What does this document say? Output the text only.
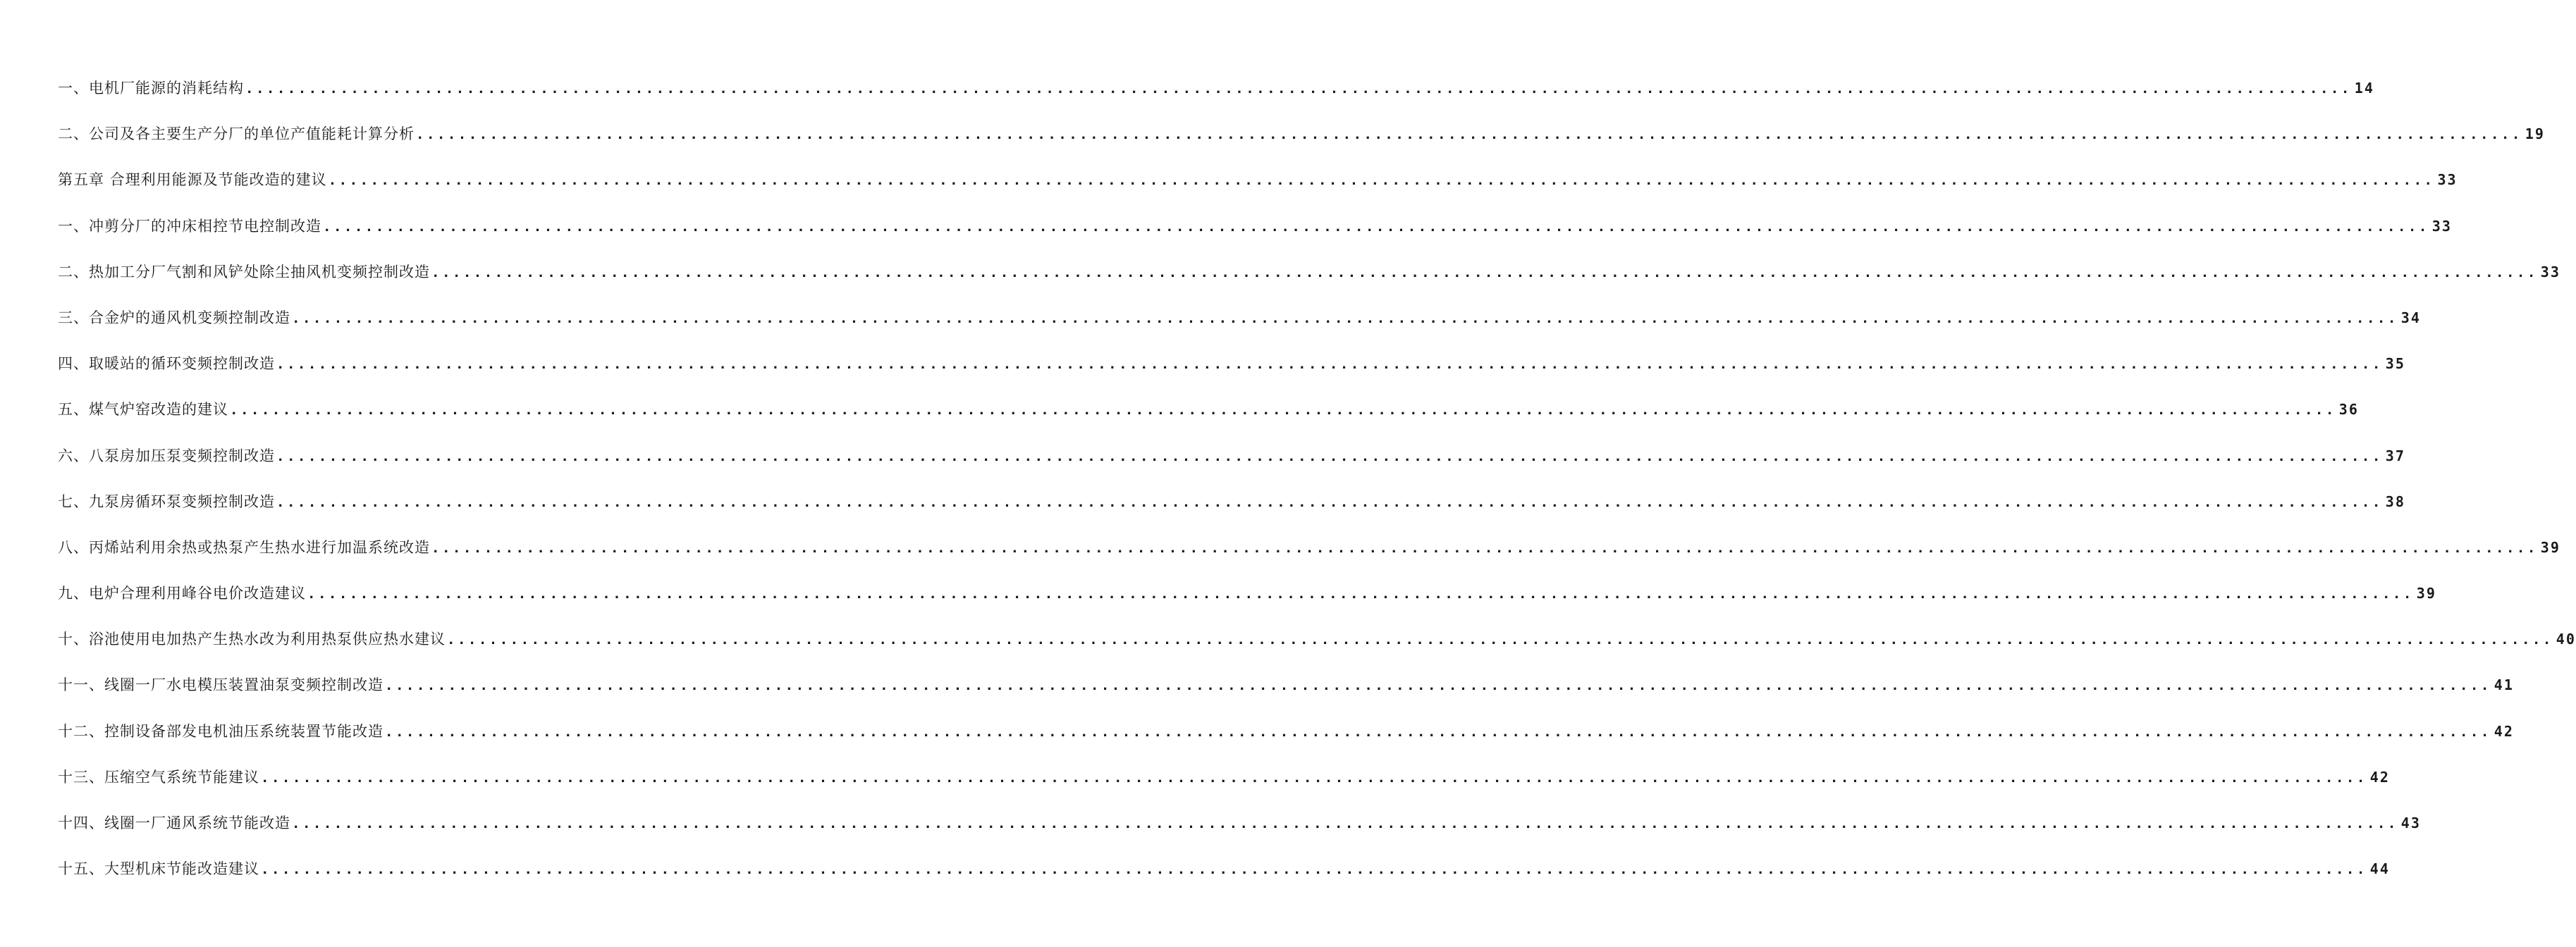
一、电机厂能源的消耗结构 ........................................................................................................................................................................................................ 14
二、公司及各主要生产分厂的单位产值能耗计算分析 ........................................................................................................................................................................................................ 19
第五章 合理利用能源及节能改造的建议 ........................................................................................................................................................................................................ 33
一、冲剪分厂的冲床相控节电控制改造 ........................................................................................................................................................................................................ 33
二、热加工分厂气割和风铲处除尘抽风机变频控制改造 ........................................................................................................................................................................................................ 33
三、合金炉的通风机变频控制改造 ........................................................................................................................................................................................................ 34
四、取暖站的循环变频控制改造 ........................................................................................................................................................................................................ 35
五、煤气炉窑改造的建议 ........................................................................................................................................................................................................ 36
六、八泵房加压泵变频控制改造 ........................................................................................................................................................................................................ 37
七、九泵房循环泵变频控制改造 ........................................................................................................................................................................................................ 38
八、丙烯站利用余热或热泵产生热水进行加温系统改造 ........................................................................................................................................................................................................ 39
九、电炉合理利用峰谷电价改造建议 ........................................................................................................................................................................................................ 39
十、浴池使用电加热产生热水改为利用热泵供应热水建议 ........................................................................................................................................................................................................ 40
十一、线圈一厂水电模压装置油泵变频控制改造 ........................................................................................................................................................................................................ 41
十二、控制设备部发电机油压系统装置节能改造 ........................................................................................................................................................................................................ 42
十三、压缩空气系统节能建议 ........................................................................................................................................................................................................ 42
十四、线圈一厂通风系统节能改造 ........................................................................................................................................................................................................ 43
十五、大型机床节能改造建议 ........................................................................................................................................................................................................ 44
